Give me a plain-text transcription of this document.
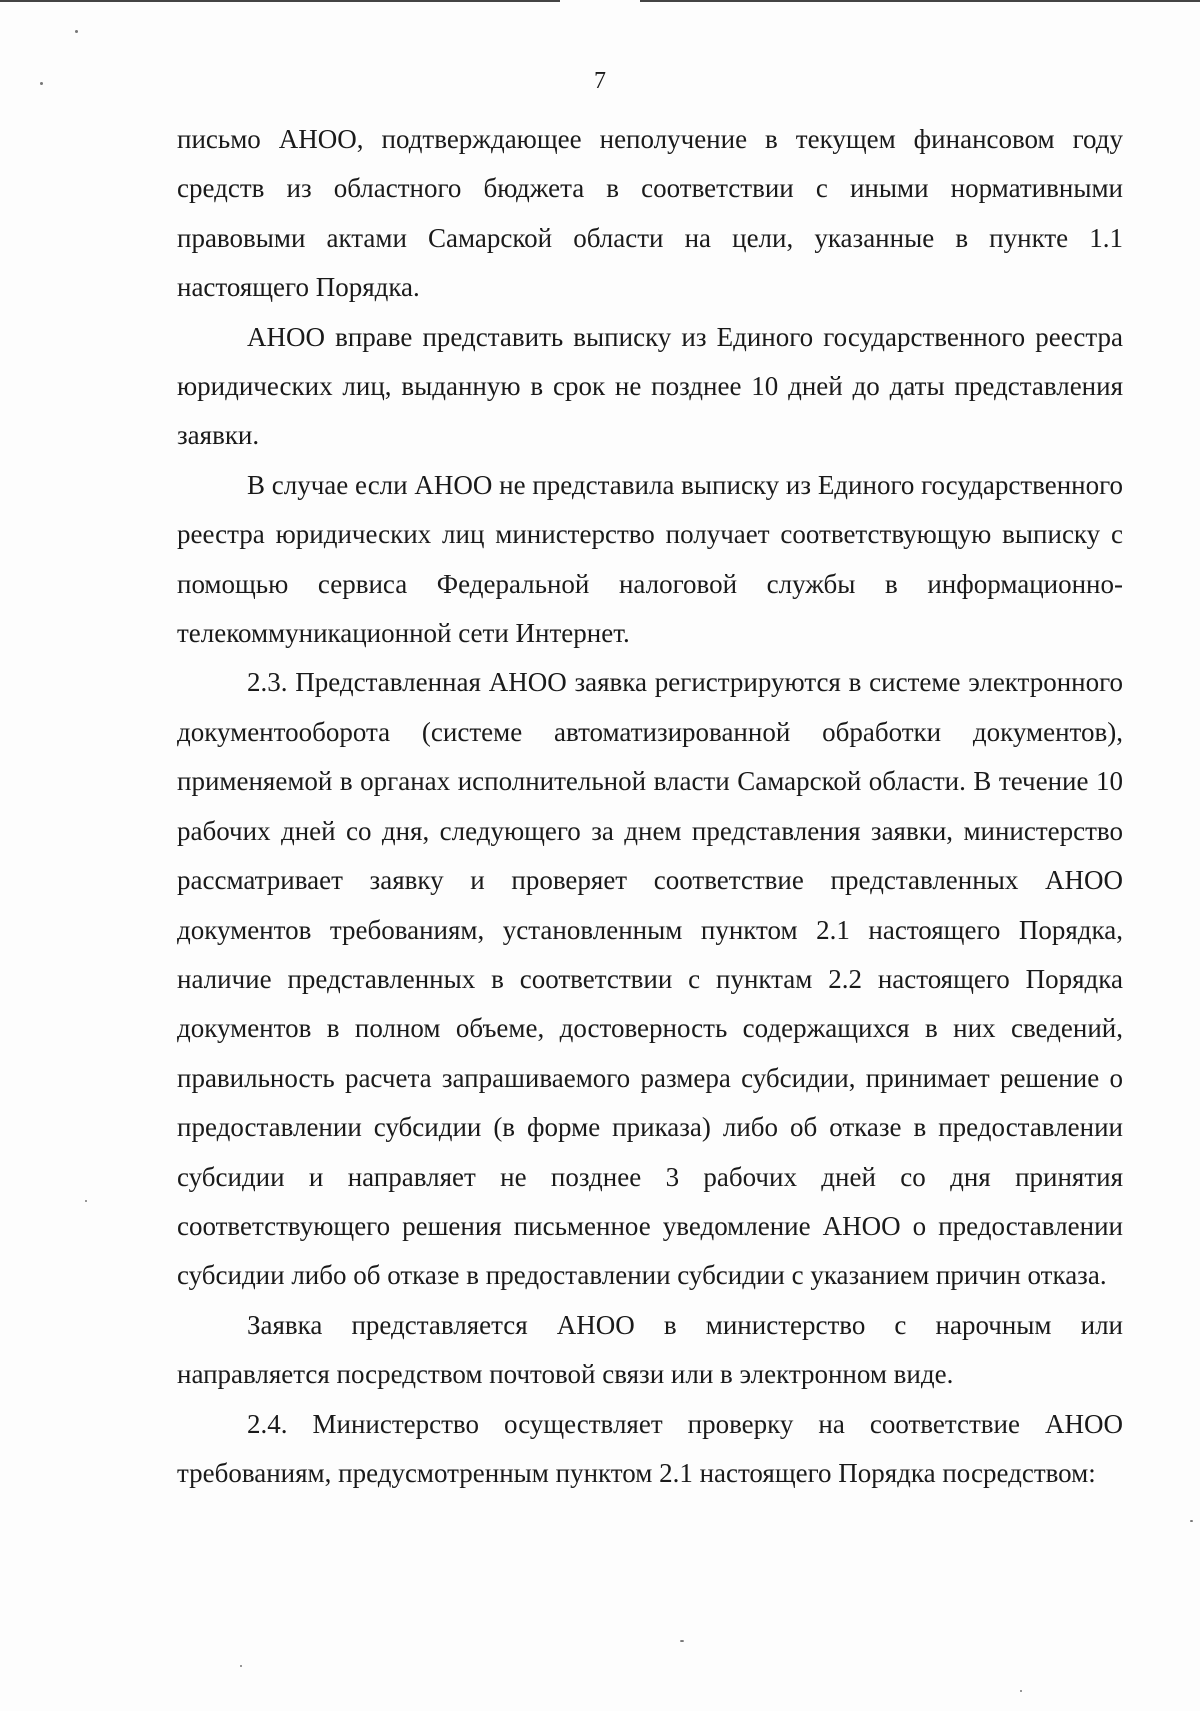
7

письмо АНОО, подтверждающее неполучение в текущем финансовом году средств из областного бюджета в соответствии с иными нормативными правовыми актами Самарской области на цели, указанные в пункте 1.1 настоящего Порядка.

АНОО вправе представить выписку из Единого государственного реестра юридических лиц, выданную в срок не позднее 10 дней до даты представления заявки.

В случае если АНОО не представила выписку из Единого государственного реестра юридических лиц министерство получает соответствующую выписку с помощью сервиса Федеральной налоговой службы в информационно-телекоммуникационной сети Интернет.

2.3. Представленная АНОО заявка регистрируются в системе электронного документооборота (системе автоматизированной обработки документов), применяемой в органах исполнительной власти Самарской области. В течение 10 рабочих дней со дня, следующего за днем представления заявки, министерство рассматривает заявку и проверяет соответствие представленных АНОО документов требованиям, установленным пунктом 2.1 настоящего Порядка, наличие представленных в соответствии с пунктам 2.2 настоящего Порядка документов в полном объеме, достоверность содержащихся в них сведений, правильность расчета запрашиваемого размера субсидии, принимает решение о предоставлении субсидии (в форме приказа) либо об отказе в предоставлении субсидии и направляет не позднее 3 рабочих дней со дня принятия соответствующего решения письменное уведомление АНОО о предоставлении субсидии либо об отказе в предоставлении субсидии с указанием причин отказа.

Заявка представляется АНОО в министерство с нарочным или направляется посредством почтовой связи или в электронном виде.

2.4. Министерство осуществляет проверку на соответствие АНОО требованиям, предусмотренным пунктом 2.1 настоящего Порядка посредством:
